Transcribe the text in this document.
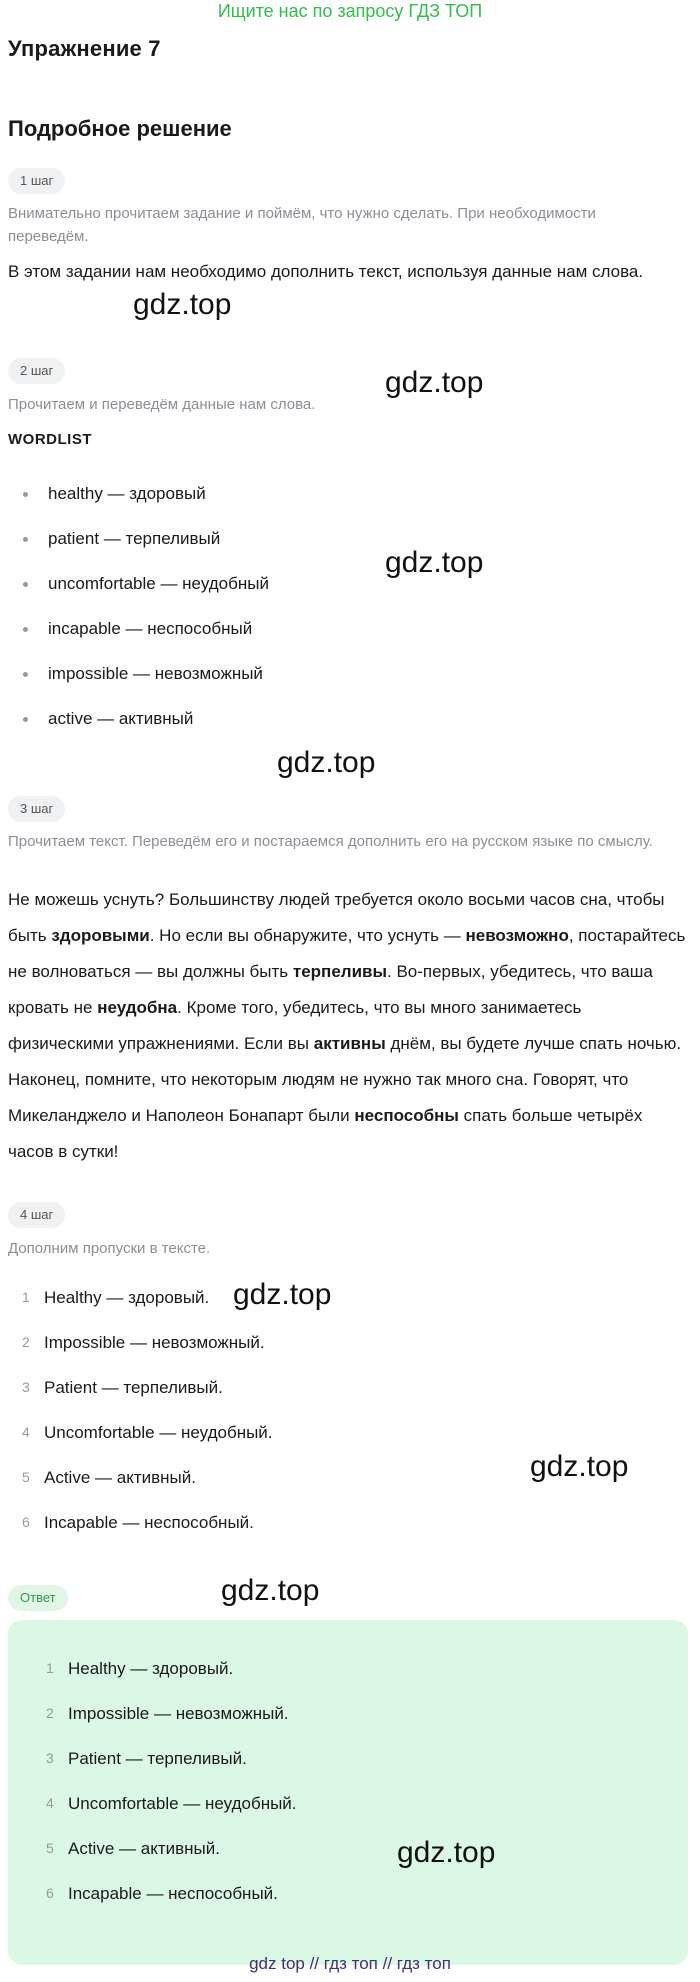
Ищите нас по запросу ГДЗ ТОП
Упражнение 7
Подробное решение
1 шаг
Внимательно прочитаем задание и поймём, что нужно сделать. При необходимости переведём.
В этом задании нам необходимо дополнить текст, используя данные нам слова.
2 шаг
Прочитаем и переведём данные нам слова.
WORDLIST
healthy — здоровый
patient — терпеливый
uncomfortable — неудобный
incapable — неспособный
impossible — невозможный
active — активный
3 шаг
Прочитаем текст. Переведём его и постараемся дополнить его на русском языке по смыслу.
Не можешь уснуть? Большинству людей требуется около восьми часов сна, чтобы быть здоровыми. Но если вы обнаружите, что уснуть — невозможно, постарайтесь не волноваться — вы должны быть терпеливы. Во-первых, убедитесь, что ваша кровать не неудобна. Кроме того, убедитесь, что вы много занимаетесь физическими упражнениями. Если вы активны днём, вы будете лучше спать ночью. Наконец, помните, что некоторым людям не нужно так много сна. Говорят, что Микеланджело и Наполеон Бонапарт были неспособны спать больше четырёх часов в сутки!
4 шаг
Дополним пропуски в тексте.
1 Healthy — здоровый.
2 Impossible — невозможный.
3 Patient — терпеливый.
4 Uncomfortable — неудобный.
5 Active — активный.
6 Incapable — неспособный.
Ответ
1 Healthy — здоровый.
2 Impossible — невозможный.
3 Patient — терпеливый.
4 Uncomfortable — неудобный.
5 Active — активный.
6 Incapable — неспособный.
gdz.top
gdz.top
gdz.top
gdz.top
gdz.top
gdz.top
gdz.top
gdz.top
gdz top // гдз топ // гдз топ
